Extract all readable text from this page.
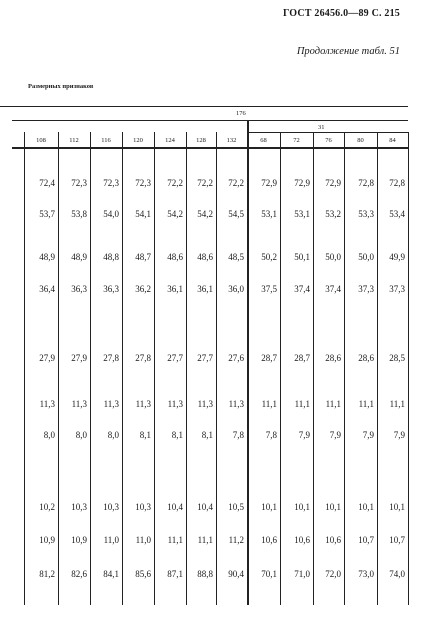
ГОСТ 26456.0—89 С. 215
Продолжение табл. 51
Размерных признаков
176
31
108	112	116	120	124	128	132	68	72	76	80	84
72,4	72,3	72,3	72,3	72,2	72,2	72,2	72,9	72,9	72,9	72,8	72,8
53,7	53,8	54,0	54,1	54,2	54,2	54,5	53,1	53,1	53,2	53,3	53,4
48,9	48,9	48,8	48,7	48,6	48,6	48,5	50,2	50,1	50,0	50,0	49,9
36,4	36,3	36,3	36,2	36,1	36,1	36,0	37,5	37,4	37,4	37,3	37,3
27,9	27,9	27,8	27,8	27,7	27,7	27,6	28,7	28,7	28,6	28,6	28,5
11,3	11,3	11,3	11,3	11,3	11,3	11,3	11,1	11,1	11,1	11,1	11,1
8,0	8,0	8,0	8,1	8,1	8,1	7,8	7,8	7,9	7,9	7,9	7,9
10,2	10,3	10,3	10,3	10,4	10,4	10,5	10,1	10,1	10,1	10,1	10,1
10,9	10,9	11,0	11,0	11,1	11,1	11,2	10,6	10,6	10,6	10,7	10,7
81,2	82,6	84,1	85,6	87,1	88,8	90,4	70,1	71,0	72,0	73,0	74,0
